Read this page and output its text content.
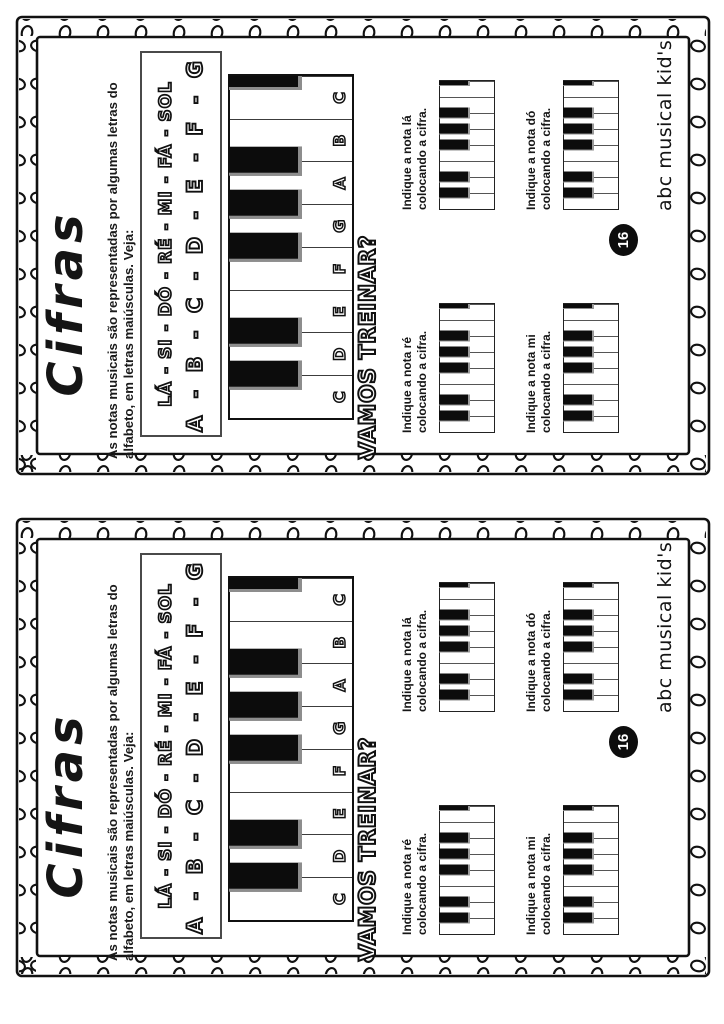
Cifras As notas musicais são representadas por algumas letras do
alfabeto, em letras maiúsculas. Veja: LÁ - SI - DÓ - RÉ - MI - FÁ - SOL A - B - C - D - E - F - G	C
D
E
F
G
A
B
C
VAMOS TREINAR? Indique a nota ré
colocando a cifra.
Indique a nota lá
colocando a cifra.
Indique a nota mi
colocando a cifra.
Indique a nota dó
colocando a cifra.
16
abc musical kid's
Cifras As notas musicais são representadas por algumas letras do
alfabeto, em letras maiúsculas. Veja: LÁ - SI - DÓ - RÉ - MI - FÁ - SOL A - B - C - D - E - F - G	C
D
E
F
G
A
B
C
VAMOS TREINAR? Indique a nota ré
colocando a cifra.
Indique a nota lá
colocando a cifra.
Indique a nota mi
colocando a cifra.
Indique a nota dó
colocando a cifra.
16
abc musical kid's
